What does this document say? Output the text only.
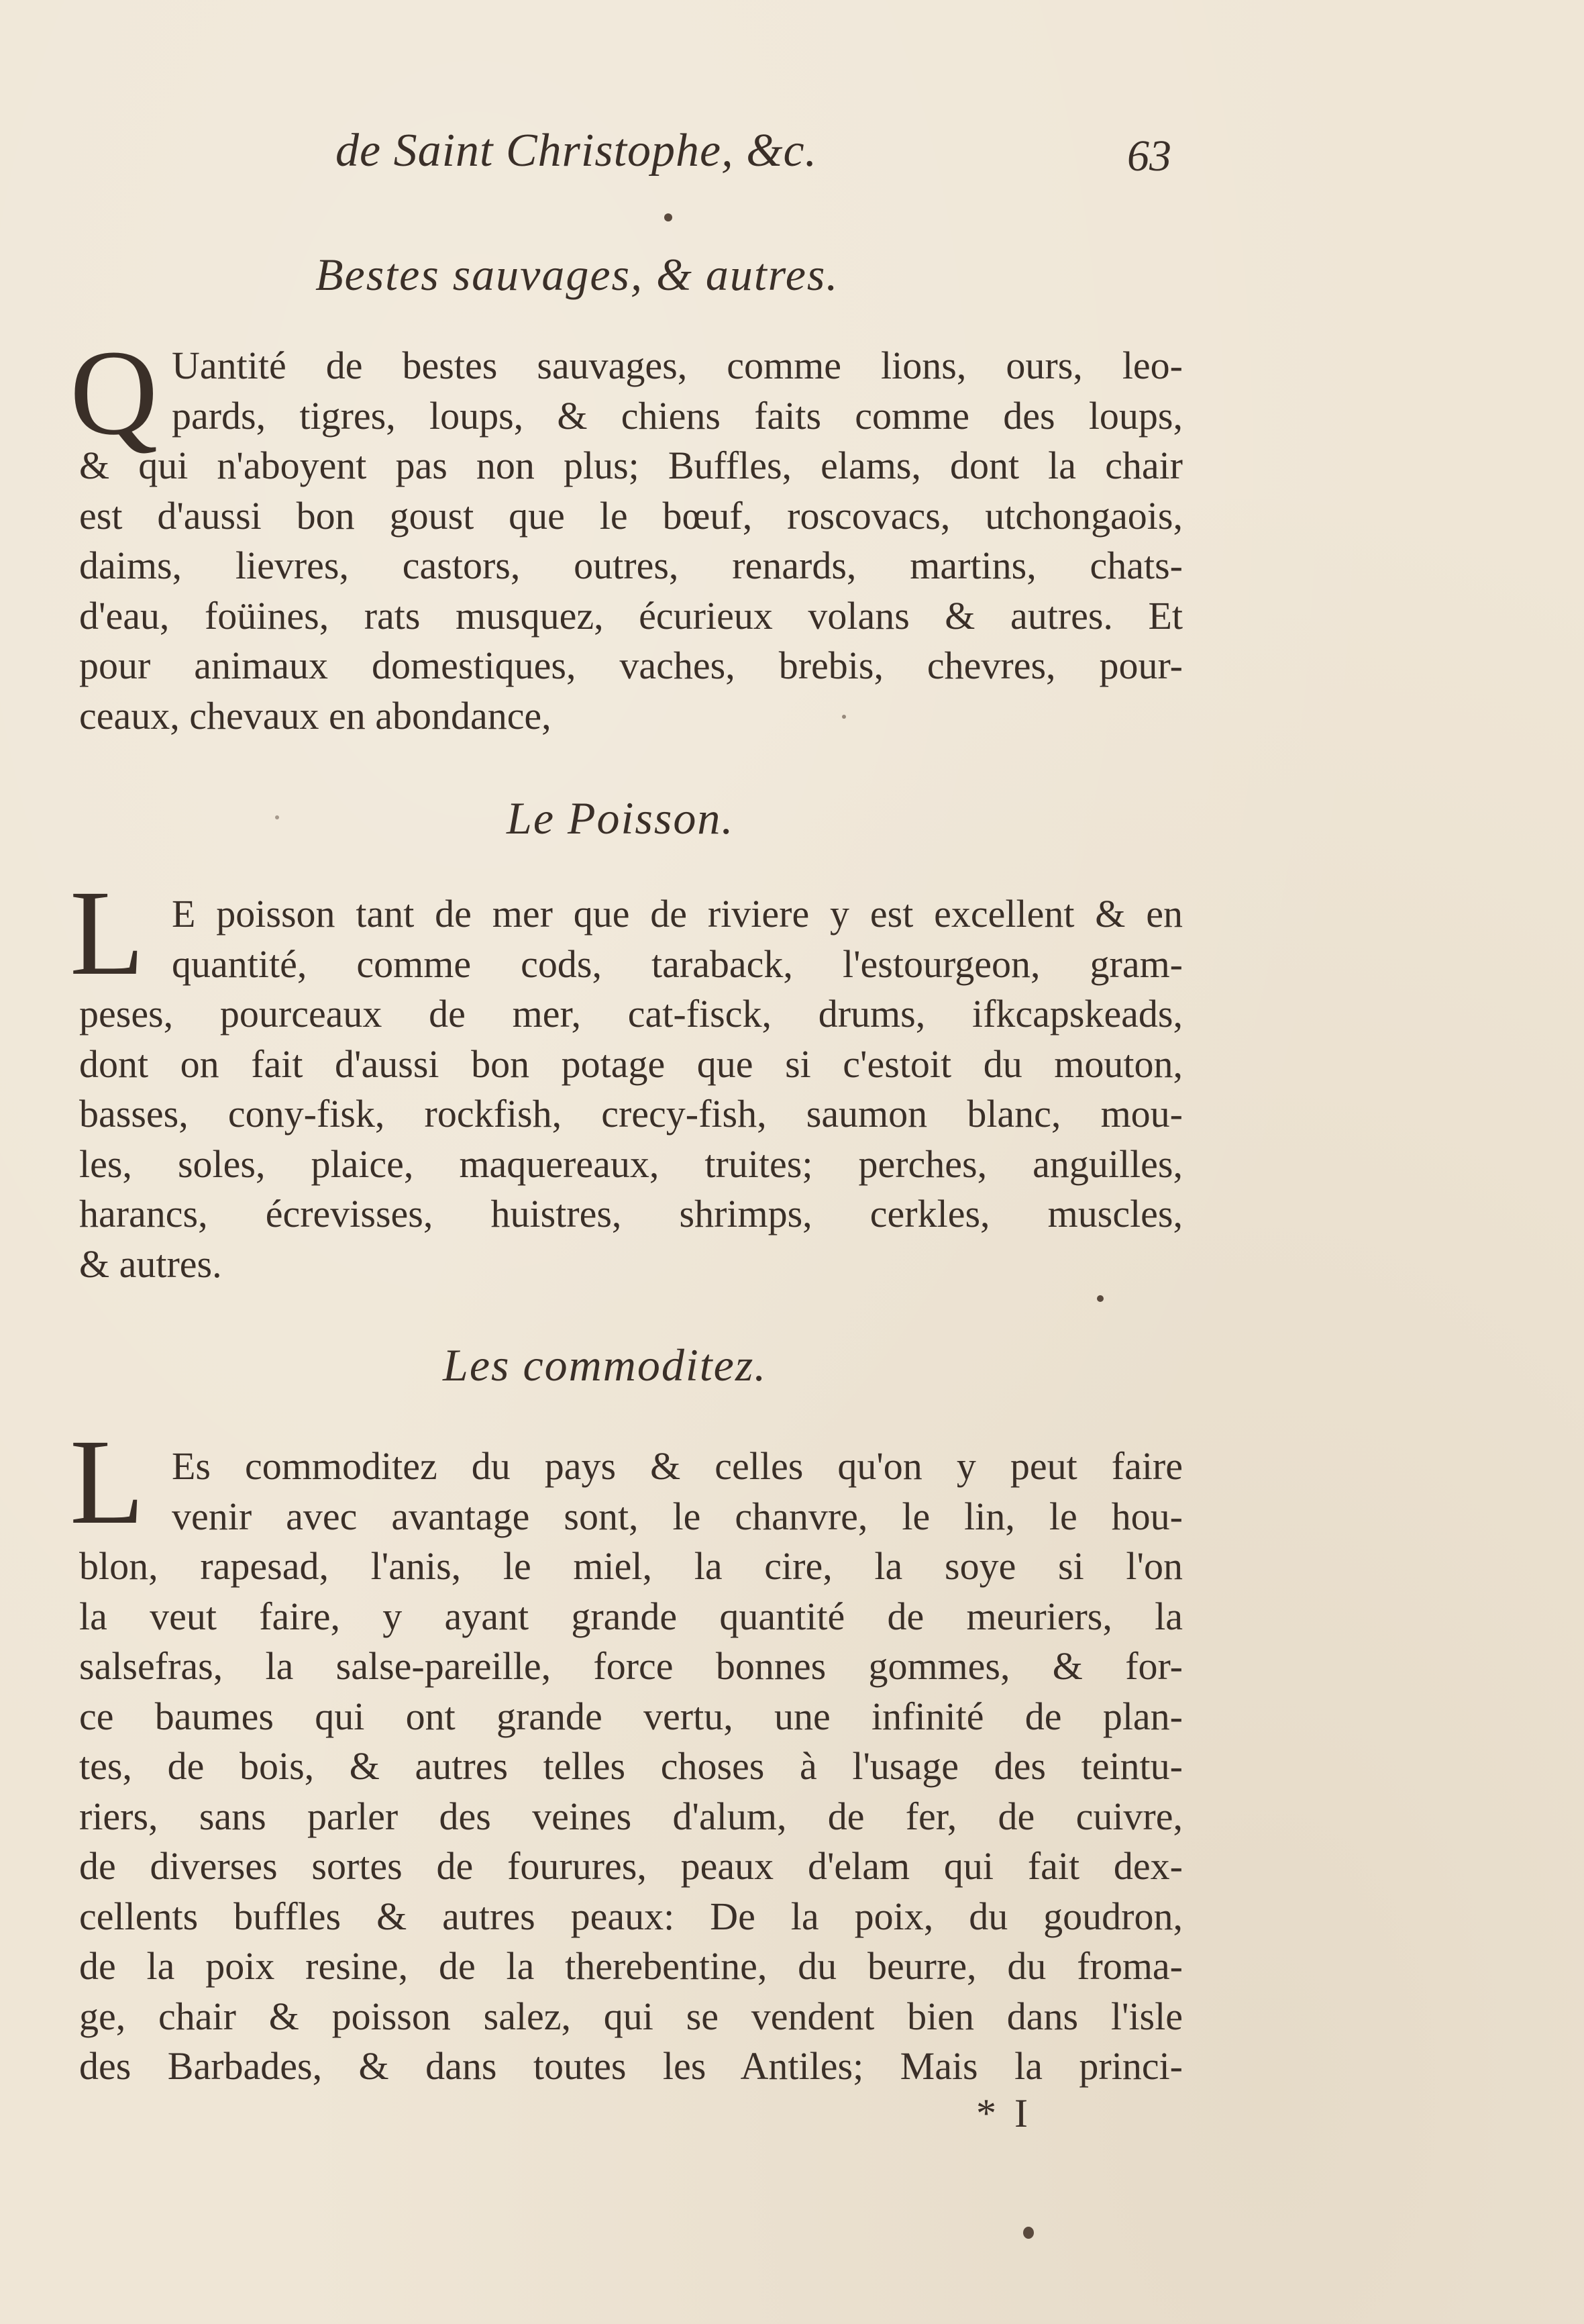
de Saint Christophe, &c.	63
Bestes sauvages, & autres.
Q Uantité de bestes sauvages, comme lions, ours, leo-
pards, tigres, loups, & chiens faits comme des loups,
& qui n'aboyent pas non plus; Buffles, elams, dont la chair
est d'aussi bon goust que le bœuf, roscovacs, utchongaois,
daims, lievres, castors, outres, renards, martins, chats-
d'eau, foüines, rats musquez, écurieux volans & autres. Et
pour animaux domestiques, vaches, brebis, chevres, pour-
ceaux, chevaux en abondance,
Le Poisson.
L E poisson tant de mer que de riviere y est excellent & en
quantité, comme cods, taraback, l'estourgeon, gram-
peses, pourceaux de mer, cat-fisck, drums, ifkcapskeads,
dont on fait d'aussi bon potage que si c'estoit du mouton,
basses, cony-fisk, rockfish, crecy-fish, saumon blanc, mou-
les, soles, plaice, maquereaux, truites; perches, anguilles,
harancs, écrevisses, huistres, shrimps, cerkles, muscles,
& autres.
Les commoditez.
L Es commoditez du pays & celles qu'on y peut faire
venir avec avantage sont, le chanvre, le lin, le hou-
blon, rapesad, l'anis, le miel, la cire, la soye si l'on
la veut faire, y ayant grande quantité de meuriers, la
salsefras, la salse-pareille, force bonnes gommes, & for-
ce baumes qui ont grande vertu, une infinité de plan-
tes, de bois, & autres telles choses à l'usage des teintu-
riers, sans parler des veines d'alum, de fer, de cuivre,
de diverses sortes de fourures, peaux d'elam qui fait dex-
cellents buffles & autres peaux: De la poix, du goudron,
de la poix resine, de la therebentine, du beurre, du froma-
ge, chair & poisson salez, qui se vendent bien dans l'isle
des Barbades, & dans toutes les Antiles; Mais la princi-
* I
